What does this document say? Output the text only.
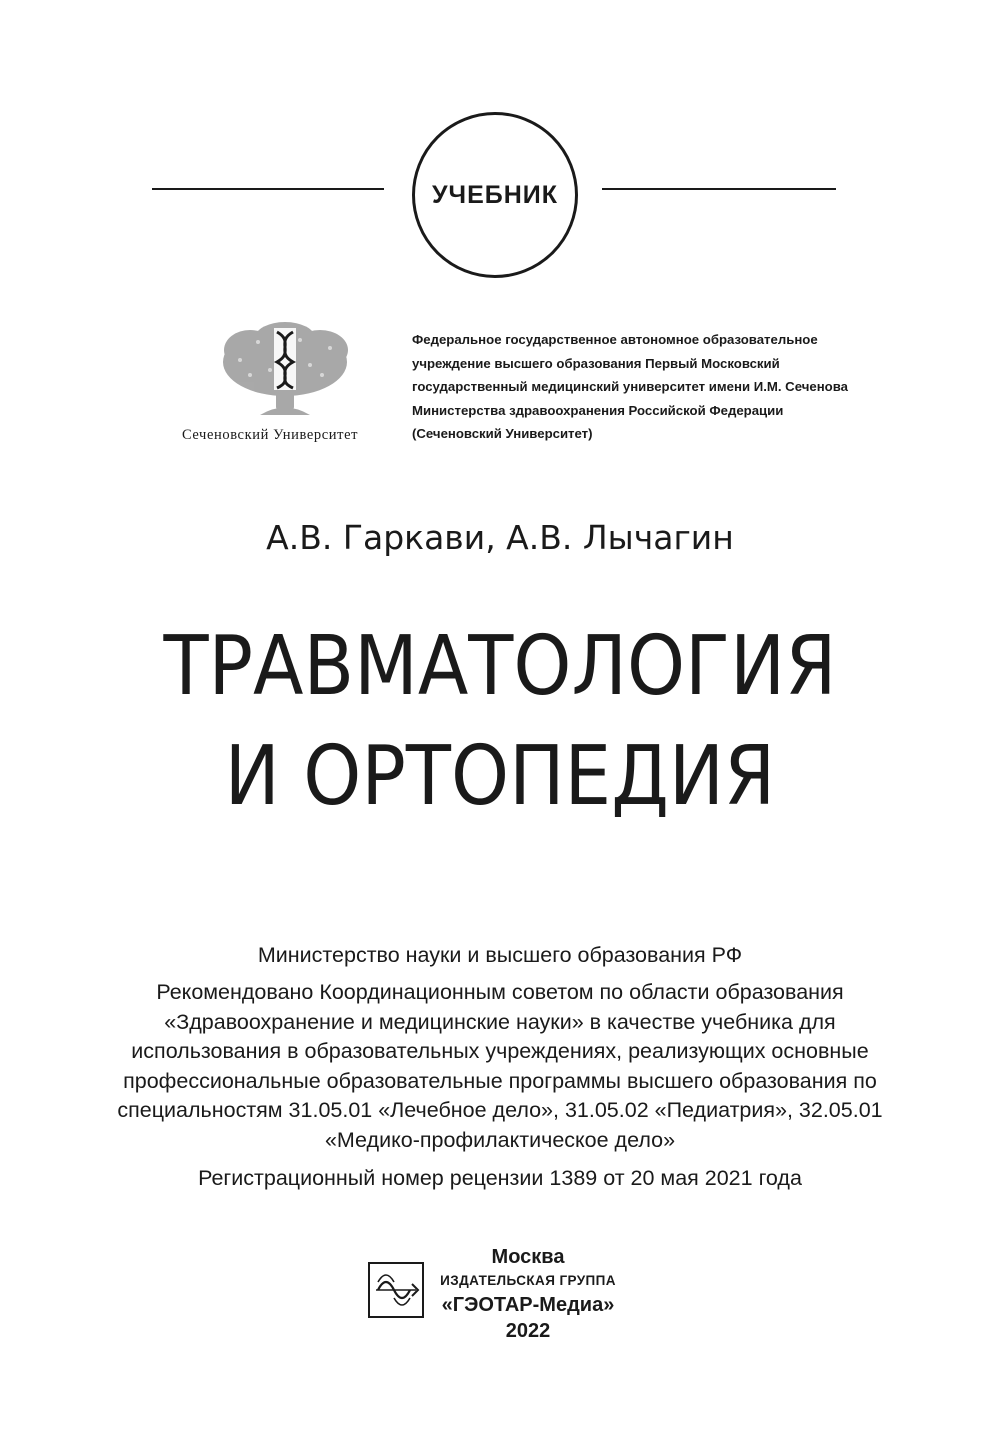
УЧЕБНИК
Сеченовский Университет
Федеральное государственное автономное образовательное
учреждение высшего образования Первый Московский
государственный медицинский университет имени И.М. Сеченова
Министерства здравоохранения Российской Федерации
(Сеченовский Университет)
А.В. Гаркави, А.В. Лычагин
ТРАВМАТОЛОГИЯ
И ОРТОПЕДИЯ
Министерство науки и высшего образования РФ
Рекомендовано Координационным советом по области образования
«Здравоохранение и медицинские науки» в качестве учебника для
использования в образовательных учреждениях, реализующих основные
профессиональные образовательные программы высшего образования по
специальностям 31.05.01 «Лечебное дело», 31.05.02 «Педиатрия», 32.05.01
«Медико-профилактическое дело»
Регистрационный номер рецензии 1389 от 20 мая 2021 года
Москва
ИЗДАТЕЛЬСКАЯ ГРУППА
«ГЭОТАР-Медиа»
2022
